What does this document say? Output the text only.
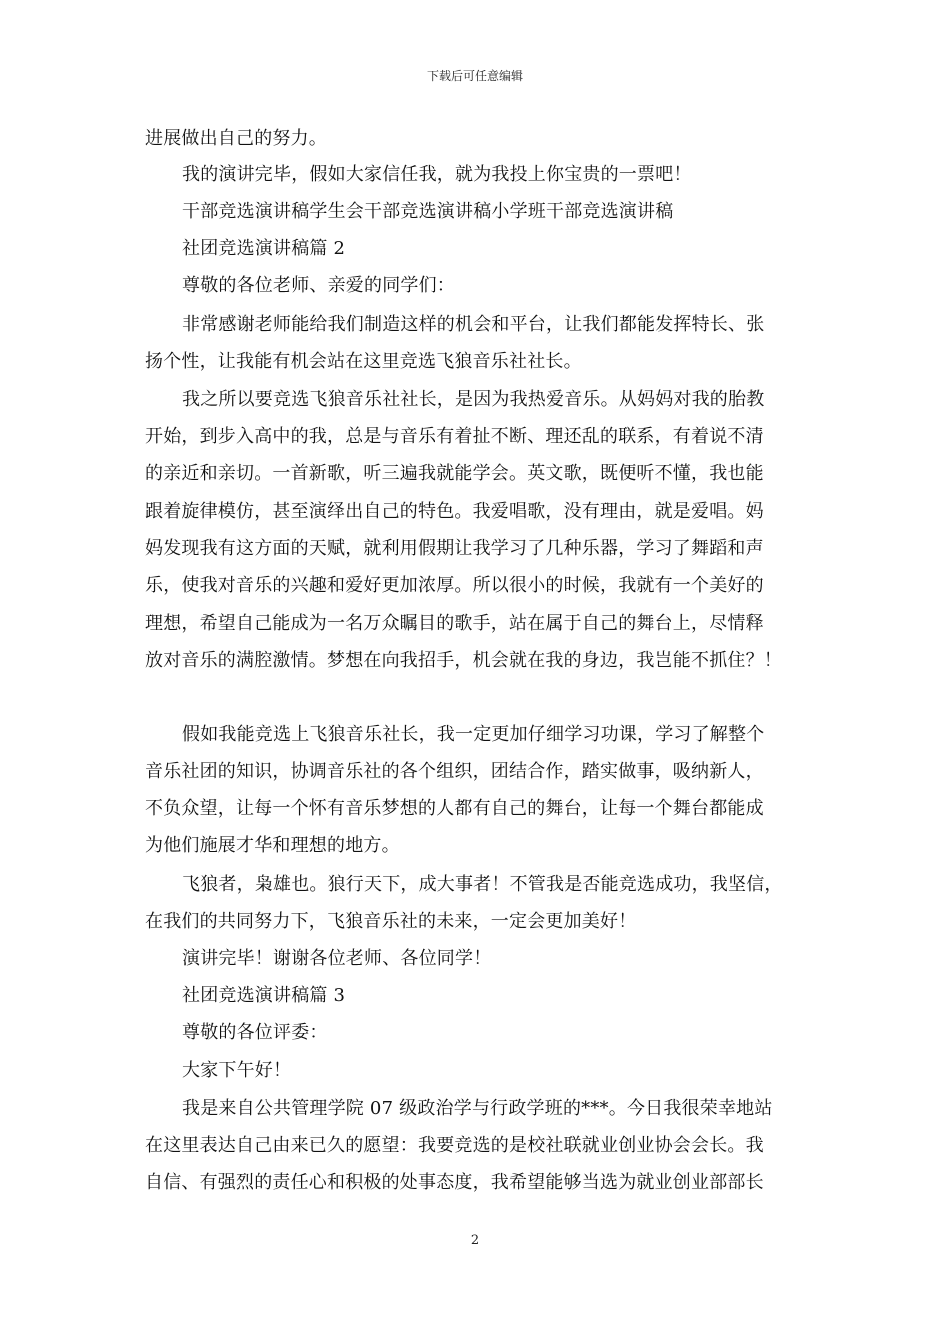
下载后可任意编辑
进展做出自己的努力。
我的演讲完毕，假如大家信任我，就为我投上你宝贵的一票吧！
干部竞选演讲稿学生会干部竞选演讲稿小学班干部竞选演讲稿
社团竞选演讲稿篇 2
尊敬的各位老师、亲爱的同学们：
非常感谢老师能给我们制造这样的机会和平台，让我们都能发挥特长、张
扬个性，让我能有机会站在这里竞选飞狼音乐社社长。
我之所以要竞选飞狼音乐社社长，是因为我热爱音乐。从妈妈对我的胎教
开始，到步入高中的我，总是与音乐有着扯不断、理还乱的联系，有着说不清
的亲近和亲切。一首新歌，听三遍我就能学会。英文歌，既便听不懂，我也能
跟着旋律模仿，甚至演绎出自己的特色。我爱唱歌，没有理由，就是爱唱。妈
妈发现我有这方面的天赋，就利用假期让我学习了几种乐器，学习了舞蹈和声
乐，使我对音乐的兴趣和爱好更加浓厚。所以很小的时候，我就有一个美好的
理想，希望自己能成为一名万众瞩目的歌手，站在属于自己的舞台上，尽情释
放对音乐的满腔激情。梦想在向我招手，机会就在我的身边，我岂能不抓住？！
假如我能竞选上飞狼音乐社长，我一定更加仔细学习功课，学习了解整个
音乐社团的知识，协调音乐社的各个组织，团结合作，踏实做事，吸纳新人，
不负众望，让每一个怀有音乐梦想的人都有自己的舞台，让每一个舞台都能成
为他们施展才华和理想的地方。
飞狼者，枭雄也。狼行天下，成大事者！不管我是否能竞选成功，我坚信，
在我们的共同努力下，飞狼音乐社的未来，一定会更加美好！
演讲完毕！谢谢各位老师、各位同学！
社团竞选演讲稿篇 3
尊敬的各位评委：
大家下午好！
我是来自公共管理学院 07 级政治学与行政学班的***。今日我很荣幸地站
在这里表达自己由来已久的愿望：我要竞选的是校社联就业创业协会会长。我
自信、有强烈的责任心和积极的处事态度，我希望能够当选为就业创业部部长
2
